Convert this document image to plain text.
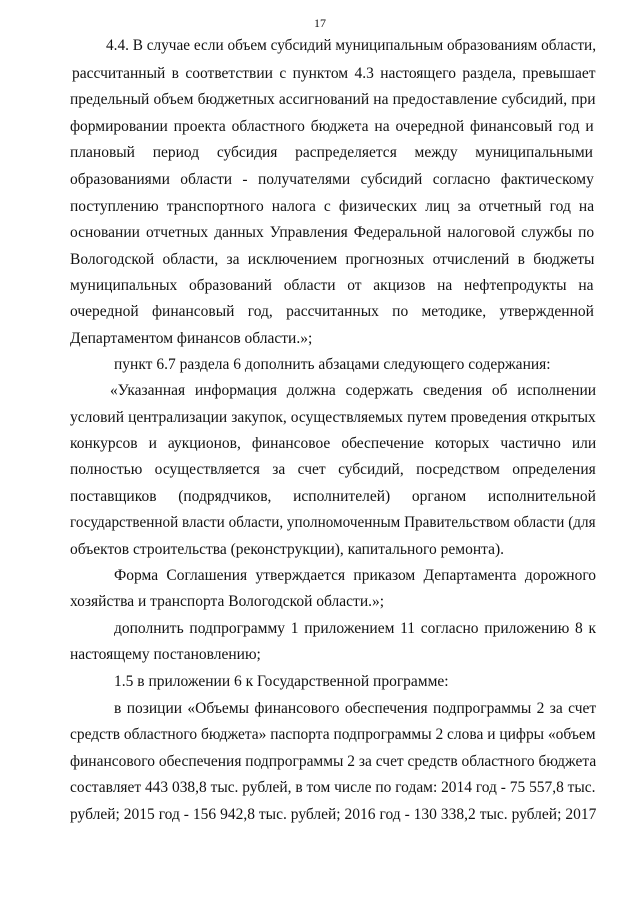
17
4.4. В случае если объем субсидий муниципальным образованиям области,
рассчитанный в соответствии с пунктом 4.3 настоящего раздела, превышает
предельный объем бюджетных ассигнований на предоставление субсидий, при
формировании проекта областного бюджета на очередной финансовый год и
плановый период субсидия распределяется между муниципальными
образованиями области - получателями субсидий согласно фактическому
поступлению транспортного налога с физических лиц за отчетный год на
основании отчетных данных Управления Федеральной налоговой службы по
Вологодской области, за исключением прогнозных отчислений в бюджеты
муниципальных образований области от акцизов на нефтепродукты на
очередной финансовый год, рассчитанных по методике, утвержденной
Департаментом финансов области.»;
пункт 6.7 раздела 6 дополнить абзацами следующего содержания:
«Указанная информация должна содержать сведения об исполнении
условий централизации закупок, осуществляемых путем проведения открытых
конкурсов и аукционов, финансовое обеспечение которых частично или
полностью осуществляется за счет субсидий, посредством определения
поставщиков (подрядчиков, исполнителей) органом исполнительной
государственной власти области, уполномоченным Правительством области (для
объектов строительства (реконструкции), капитального ремонта).
Форма Соглашения утверждается приказом Департамента дорожного
хозяйства и транспорта Вологодской области.»;
дополнить подпрограмму 1 приложением 11 согласно приложению 8 к
настоящему постановлению;
1.5 в приложении 6 к Государственной программе:
в позиции «Объемы финансового обеспечения подпрограммы 2 за счет
средств областного бюджета» паспорта подпрограммы 2 слова и цифры «объем
финансового обеспечения подпрограммы 2 за счет средств областного бюджета
составляет 443 038,8 тыс. рублей, в том числе по годам: 2014 год - 75 557,8 тыс.
рублей; 2015 год - 156 942,8 тыс. рублей; 2016 год - 130 338,2 тыс. рублей; 2017
